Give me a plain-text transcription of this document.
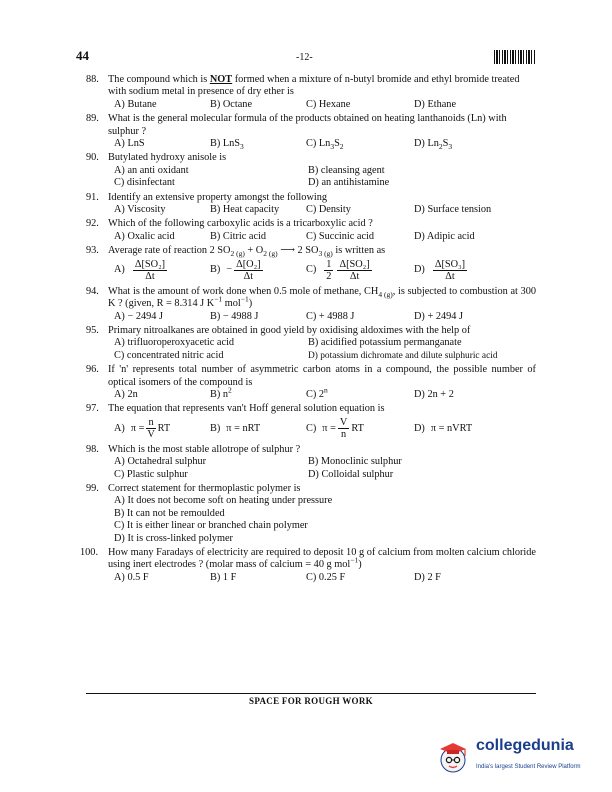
44	-12-
88. The compound which is NOT formed when a mixture of n-butyl bromide and ethyl bromide treated with sodium metal in presence of dry ether is
A) Butane	B) Octane	C) Hexane	D) Ethane
89. What is the general molecular formula of the products obtained on heating lanthanoids (Ln) with sulphur ?
A) LnS	B) LnS$_3$	C) $Ln_3S_2$	D) $Ln_2S_3$
90. Butylated hydroxy anisole is
A) an anti oxidant	B) cleansing agent
C) disinfectant	D) an antihistamine
91. Identify an extensive property amongst the following
A) Viscosity	B) Heat capacity	C) Density	D) Surface tension
92. Which of the following carboxylic acids is a tricarboxylic acid ?
A) Oxalic acid	B) Citric acid	C) Succinic acid	D) Adipic acid
93. Average rate of reaction 2 $SO_{2 (g)} + O_{2 (g)}$ ⟶ 2 $SO_{3 (g)}$ is written as
$A) \frac{\text{Δ[SO₂]}}{\Delta t}$	$B) - \frac{\text{Δ[O₂]}}{\Delta t}$	$C) \frac{1}{2} \frac{\text{Δ[SO₂]}}{\Delta t}$	$D) \frac{\text{Δ[SO₃]}}{\Delta t}$
94. What is the amount of work done when 0.5 mole of methane, $CH_{4 (g)}$, is subjected to combustion at 300 K ? (given, R = 8.314 J $K^{-1}$ mol$^{-1}$)
A) − 2494 J	B) − 4988 J	C) + 4988 J	D) + 2494 J
95. Primary nitroalkanes are obtained in good yield by oxidising aldoximes with the help of
A) trifluoroperoxyacetic acid	B) acidified potassium permanganate
C) concentrated nitric acid	D) potassium dichromate and dilute sulphuric acid
96. If 'n' represents total number of asymmetric carbon atoms in a compound, the possible number of optical isomers of the compound is
A) 2n	B) $n^2$	C) 2$^n$	D) 2n + 2
97. The equation that represents van't Hoff general solution equation is
A) $\pi = \frac{n}{V}$ RT	B) π = nRT	C) $\pi = \frac{V}{n}$ RT	D) π = nVRT
98. Which is the most stable allotrope of sulphur ?
A) Octahedral sulphur	B) Monoclinic sulphur
C) Plastic sulphur	D) Colloidal sulphur
99. Correct statement for thermoplastic polymer is
A) It does not become soft on heating under pressure
B) It can not be remoulded
C) It is either linear or branched chain polymer
D) It is cross-linked polymer
100. How many Faradays of electricity are required to deposit 10 g of calcium from molten calcium chloride using inert electrodes ? (molar mass of calcium = 40 g mol$^{-1}$)
A) 0.5 F	B) 1 F	C) 0.25 F	D) 2 F
SPACE FOR ROUGH WORK
collegedunia
India's largest Student Review Platform
